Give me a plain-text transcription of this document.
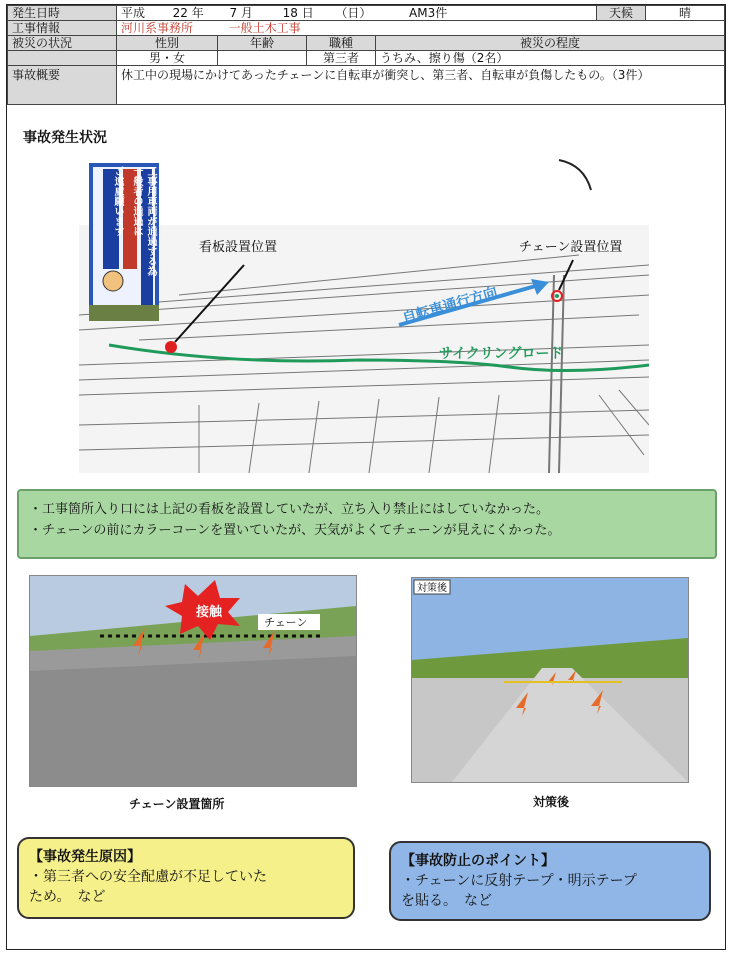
発生日時	平成 22 年 7 月 18 日 （日） AM3件				天候	晴
工事情報	河川系事務所 一般土木工事					
被災の状況	性別	年齢	職種	被災の程度		
	男・女		第三者	うちみ、擦り傷（2名）		
事故概要	休工中の現場にかけてあったチェーンに自転車が衝突し、第三者、自転車が負傷したもの。（3件）					
事故発生状況
サイクリングロード
自転車通行方向
看板設置位置	チェーン設置位置
・工事箇所入り口には上記の看板を設置していたが、立ち入り禁止にはしていなかった。
・チェーンの前にカラーコーンを置いていたが、天気がよくてチェーンが見えにくかった。
接触
チェーン
チェーン設置箇所
対策後
対策後
【事故発生原因】
・第三者への安全配慮が不足していた
ため。　など
【事故防止のポイント】
・チェーンに反射テープ・明示テープ
を貼る。　など
工事用車両が通過する為
一般者の通過は
ご遠慮願います
